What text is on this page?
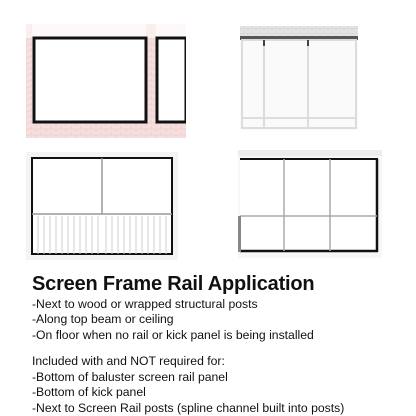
Screen Frame Rail Application
-Next to wood or wrapped structural posts
-Along top beam or ceiling
-On floor when no rail or kick panel is being installed
Included with and NOT required for:
-Bottom of baluster screen rail panel
-Bottom of kick panel
-Next to Screen Rail posts (spline channel built into posts)
